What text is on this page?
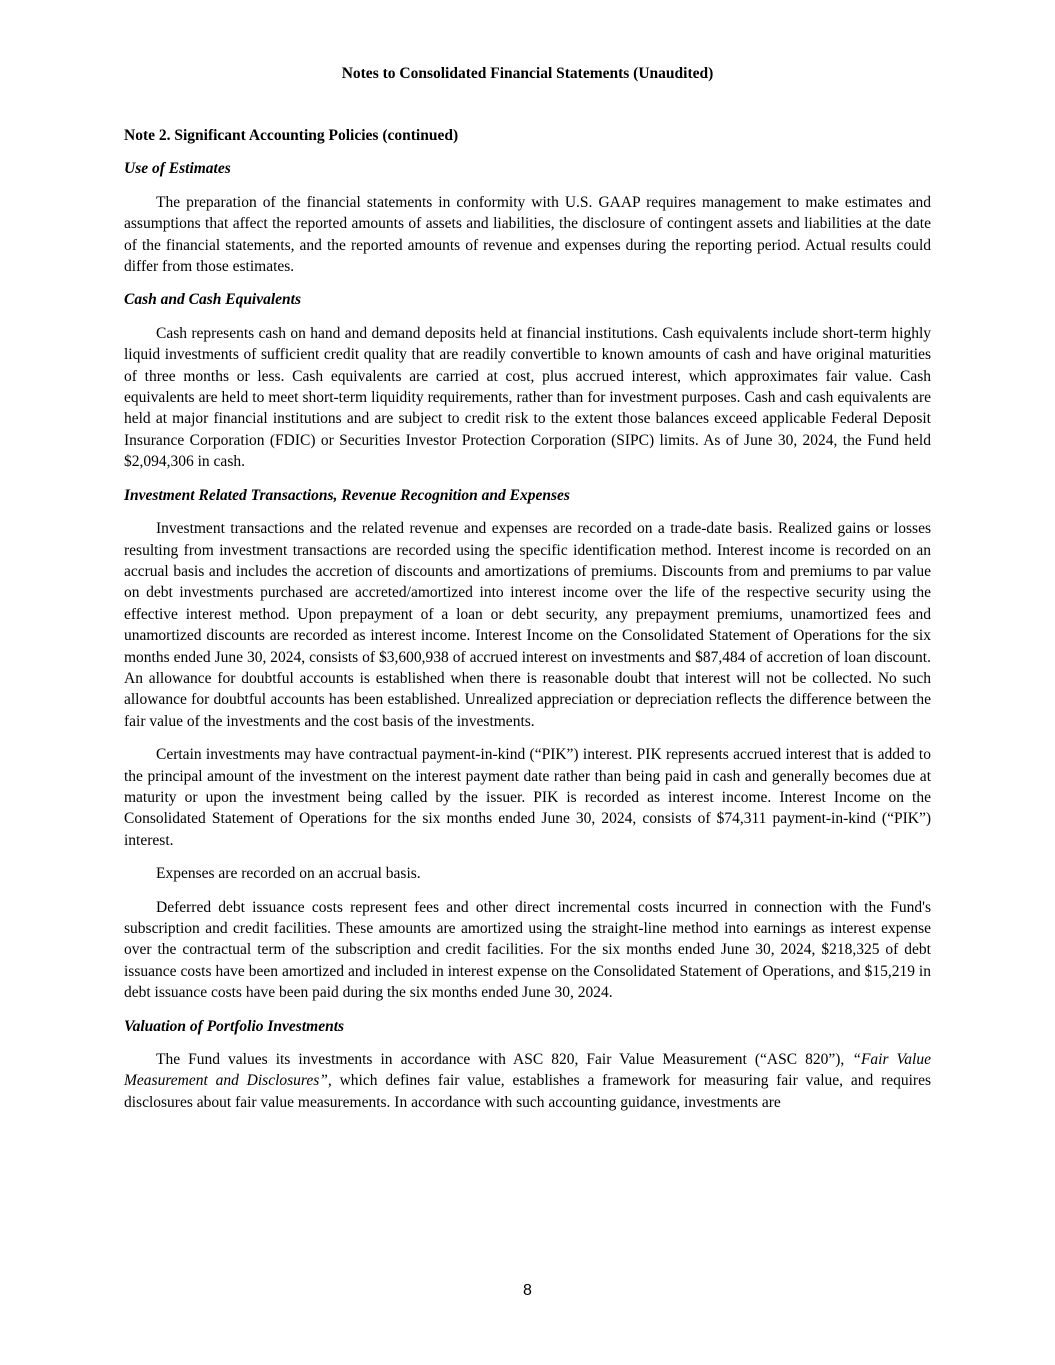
Notes to Consolidated Financial Statements (Unaudited)
Note 2. Significant Accounting Policies (continued)
Use of Estimates

The preparation of the financial statements in conformity with U.S. GAAP requires management to make estimates and assumptions that affect the reported amounts of assets and liabilities, the disclosure of contingent assets and liabilities at the date of the financial statements, and the reported amounts of revenue and expenses during the reporting period. Actual results could differ from those estimates.

Cash and Cash Equivalents

Cash represents cash on hand and demand deposits held at financial institutions. Cash equivalents include short-term highly liquid investments of sufficient credit quality that are readily convertible to known amounts of cash and have original maturities of three months or less. Cash equivalents are carried at cost, plus accrued interest, which approximates fair value. Cash equivalents are held to meet short-term liquidity requirements, rather than for investment purposes. Cash and cash equivalents are held at major financial institutions and are subject to credit risk to the extent those balances exceed applicable Federal Deposit Insurance Corporation (FDIC) or Securities Investor Protection Corporation (SIPC) limits. As of June 30, 2024, the Fund held $2,094,306 in cash.

Investment Related Transactions, Revenue Recognition and Expenses

Investment transactions and the related revenue and expenses are recorded on a trade-date basis. Realized gains or losses resulting from investment transactions are recorded using the specific identification method. Interest income is recorded on an accrual basis and includes the accretion of discounts and amortizations of premiums. Discounts from and premiums to par value on debt investments purchased are accreted/amortized into interest income over the life of the respective security using the effective interest method. Upon prepayment of a loan or debt security, any prepayment premiums, unamortized fees and unamortized discounts are recorded as interest income. Interest Income on the Consolidated Statement of Operations for the six months ended June 30, 2024, consists of $3,600,938 of accrued interest on investments and $87,484 of accretion of loan discount. An allowance for doubtful accounts is established when there is reasonable doubt that interest will not be collected. No such allowance for doubtful accounts has been established. Unrealized appreciation or depreciation reflects the difference between the fair value of the investments and the cost basis of the investments.

Certain investments may have contractual payment-in-kind (“PIK”) interest. PIK represents accrued interest that is added to the principal amount of the investment on the interest payment date rather than being paid in cash and generally becomes due at maturity or upon the investment being called by the issuer. PIK is recorded as interest income. Interest Income on the Consolidated Statement of Operations for the six months ended June 30, 2024, consists of $74,311 payment-in-kind (“PIK”) interest.

Expenses are recorded on an accrual basis.

Deferred debt issuance costs represent fees and other direct incremental costs incurred in connection with the Fund's subscription and credit facilities. These amounts are amortized using the straight-line method into earnings as interest expense over the contractual term of the subscription and credit facilities. For the six months ended June 30, 2024, $218,325 of debt issuance costs have been amortized and included in interest expense on the Consolidated Statement of Operations, and $15,219 in debt issuance costs have been paid during the six months ended June 30, 2024.

Valuation of Portfolio Investments

The Fund values its investments in accordance with ASC 820, Fair Value Measurement (“ASC 820”), “Fair Value Measurement and Disclosures”, which defines fair value, establishes a framework for measuring fair value, and requires disclosures about fair value measurements. In accordance with such accounting guidance, investments are

8
